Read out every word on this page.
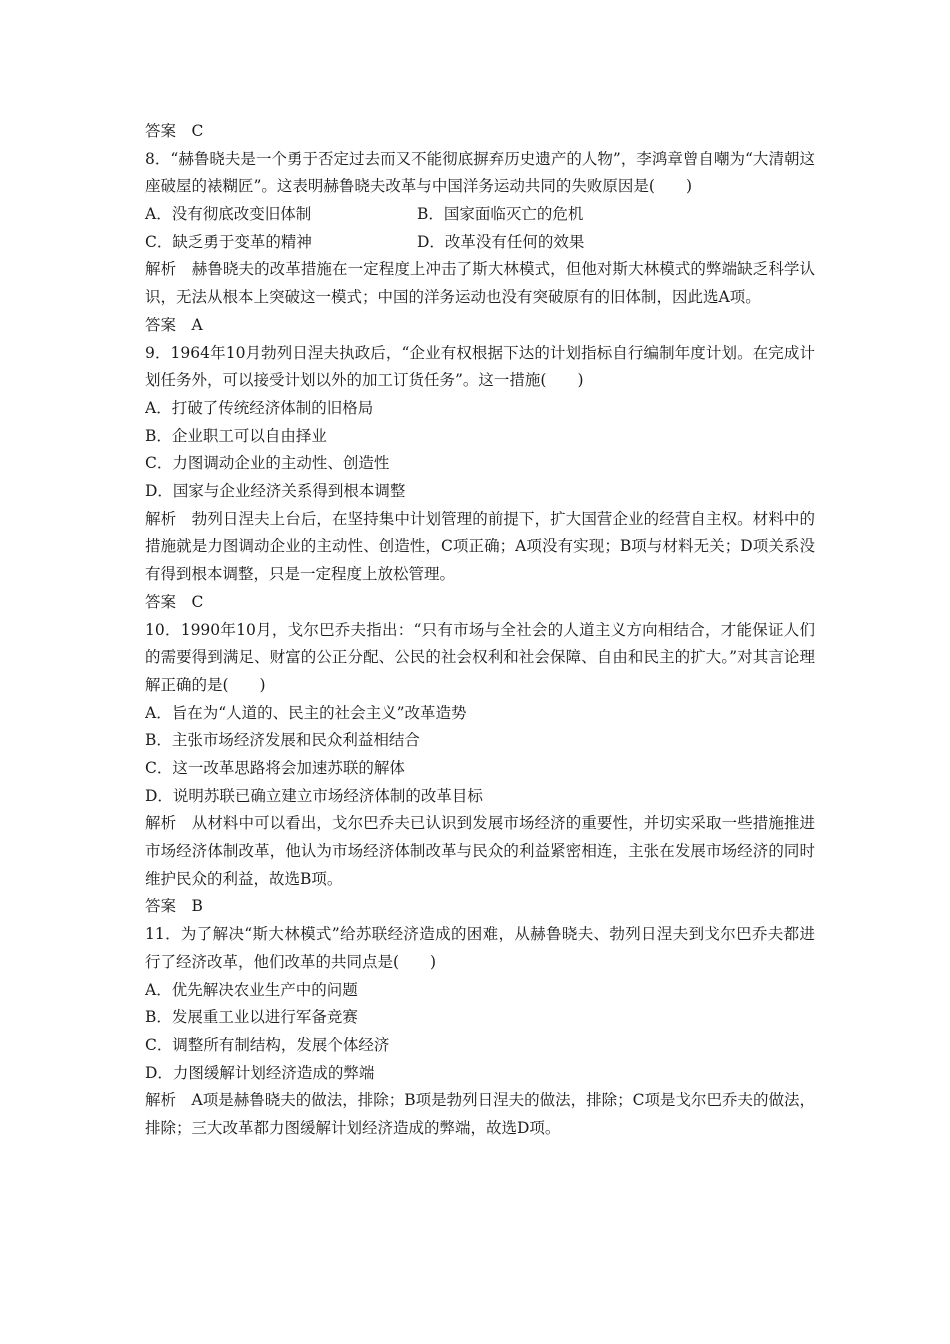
答案　C
8．“赫鲁晓夫是一个勇于否定过去而又不能彻底摒弃历史遗产的人物”，李鸿章曾自嘲为“大清朝这座破屋的裱糊匠”。这表明赫鲁晓夫改革与中国洋务运动共同的失败原因是(　　)
A．没有彻底改变旧体制	B．国家面临灭亡的危机
C．缺乏勇于变革的精神	D．改革没有任何的效果
解析　赫鲁晓夫的改革措施在一定程度上冲击了斯大林模式，但他对斯大林模式的弊端缺乏科学认识，无法从根本上突破这一模式；中国的洋务运动也没有突破原有的旧体制，因此选A项。
答案　A
9．1964年10月勃列日涅夫执政后，“企业有权根据下达的计划指标自行编制年度计划。在完成计划任务外，可以接受计划以外的加工订货任务”。这一措施(　　)
A．打破了传统经济体制的旧格局
B．企业职工可以自由择业
C．力图调动企业的主动性、创造性
D．国家与企业经济关系得到根本调整
解析　勃列日涅夫上台后，在坚持集中计划管理的前提下，扩大国营企业的经营自主权。材料中的措施就是力图调动企业的主动性、创造性，C项正确；A项没有实现；B项与材料无关；D项关系没有得到根本调整，只是一定程度上放松管理。
答案　C
10．1990年10月，戈尔巴乔夫指出：“只有市场与全社会的人道主义方向相结合，才能保证人们的需要得到满足、财富的公正分配、公民的社会权利和社会保障、自由和民主的扩大。”对其言论理解正确的是(　　)
A．旨在为“人道的、民主的社会主义”改革造势
B．主张市场经济发展和民众利益相结合
C．这一改革思路将会加速苏联的解体
D．说明苏联已确立建立市场经济体制的改革目标
解析　从材料中可以看出，戈尔巴乔夫已认识到发展市场经济的重要性，并切实采取一些措施推进市场经济体制改革，他认为市场经济体制改革与民众的利益紧密相连，主张在发展市场经济的同时维护民众的利益，故选B项。
答案　B
11．为了解决“斯大林模式”给苏联经济造成的困难，从赫鲁晓夫、勃列日涅夫到戈尔巴乔夫都进行了经济改革，他们改革的共同点是(　　)
A．优先解决农业生产中的问题
B．发展重工业以进行军备竞赛
C．调整所有制结构，发展个体经济
D．力图缓解计划经济造成的弊端
解析　A项是赫鲁晓夫的做法，排除；B项是勃列日涅夫的做法，排除；C项是戈尔巴乔夫的做法，排除；三大改革都力图缓解计划经济造成的弊端，故选D项。
